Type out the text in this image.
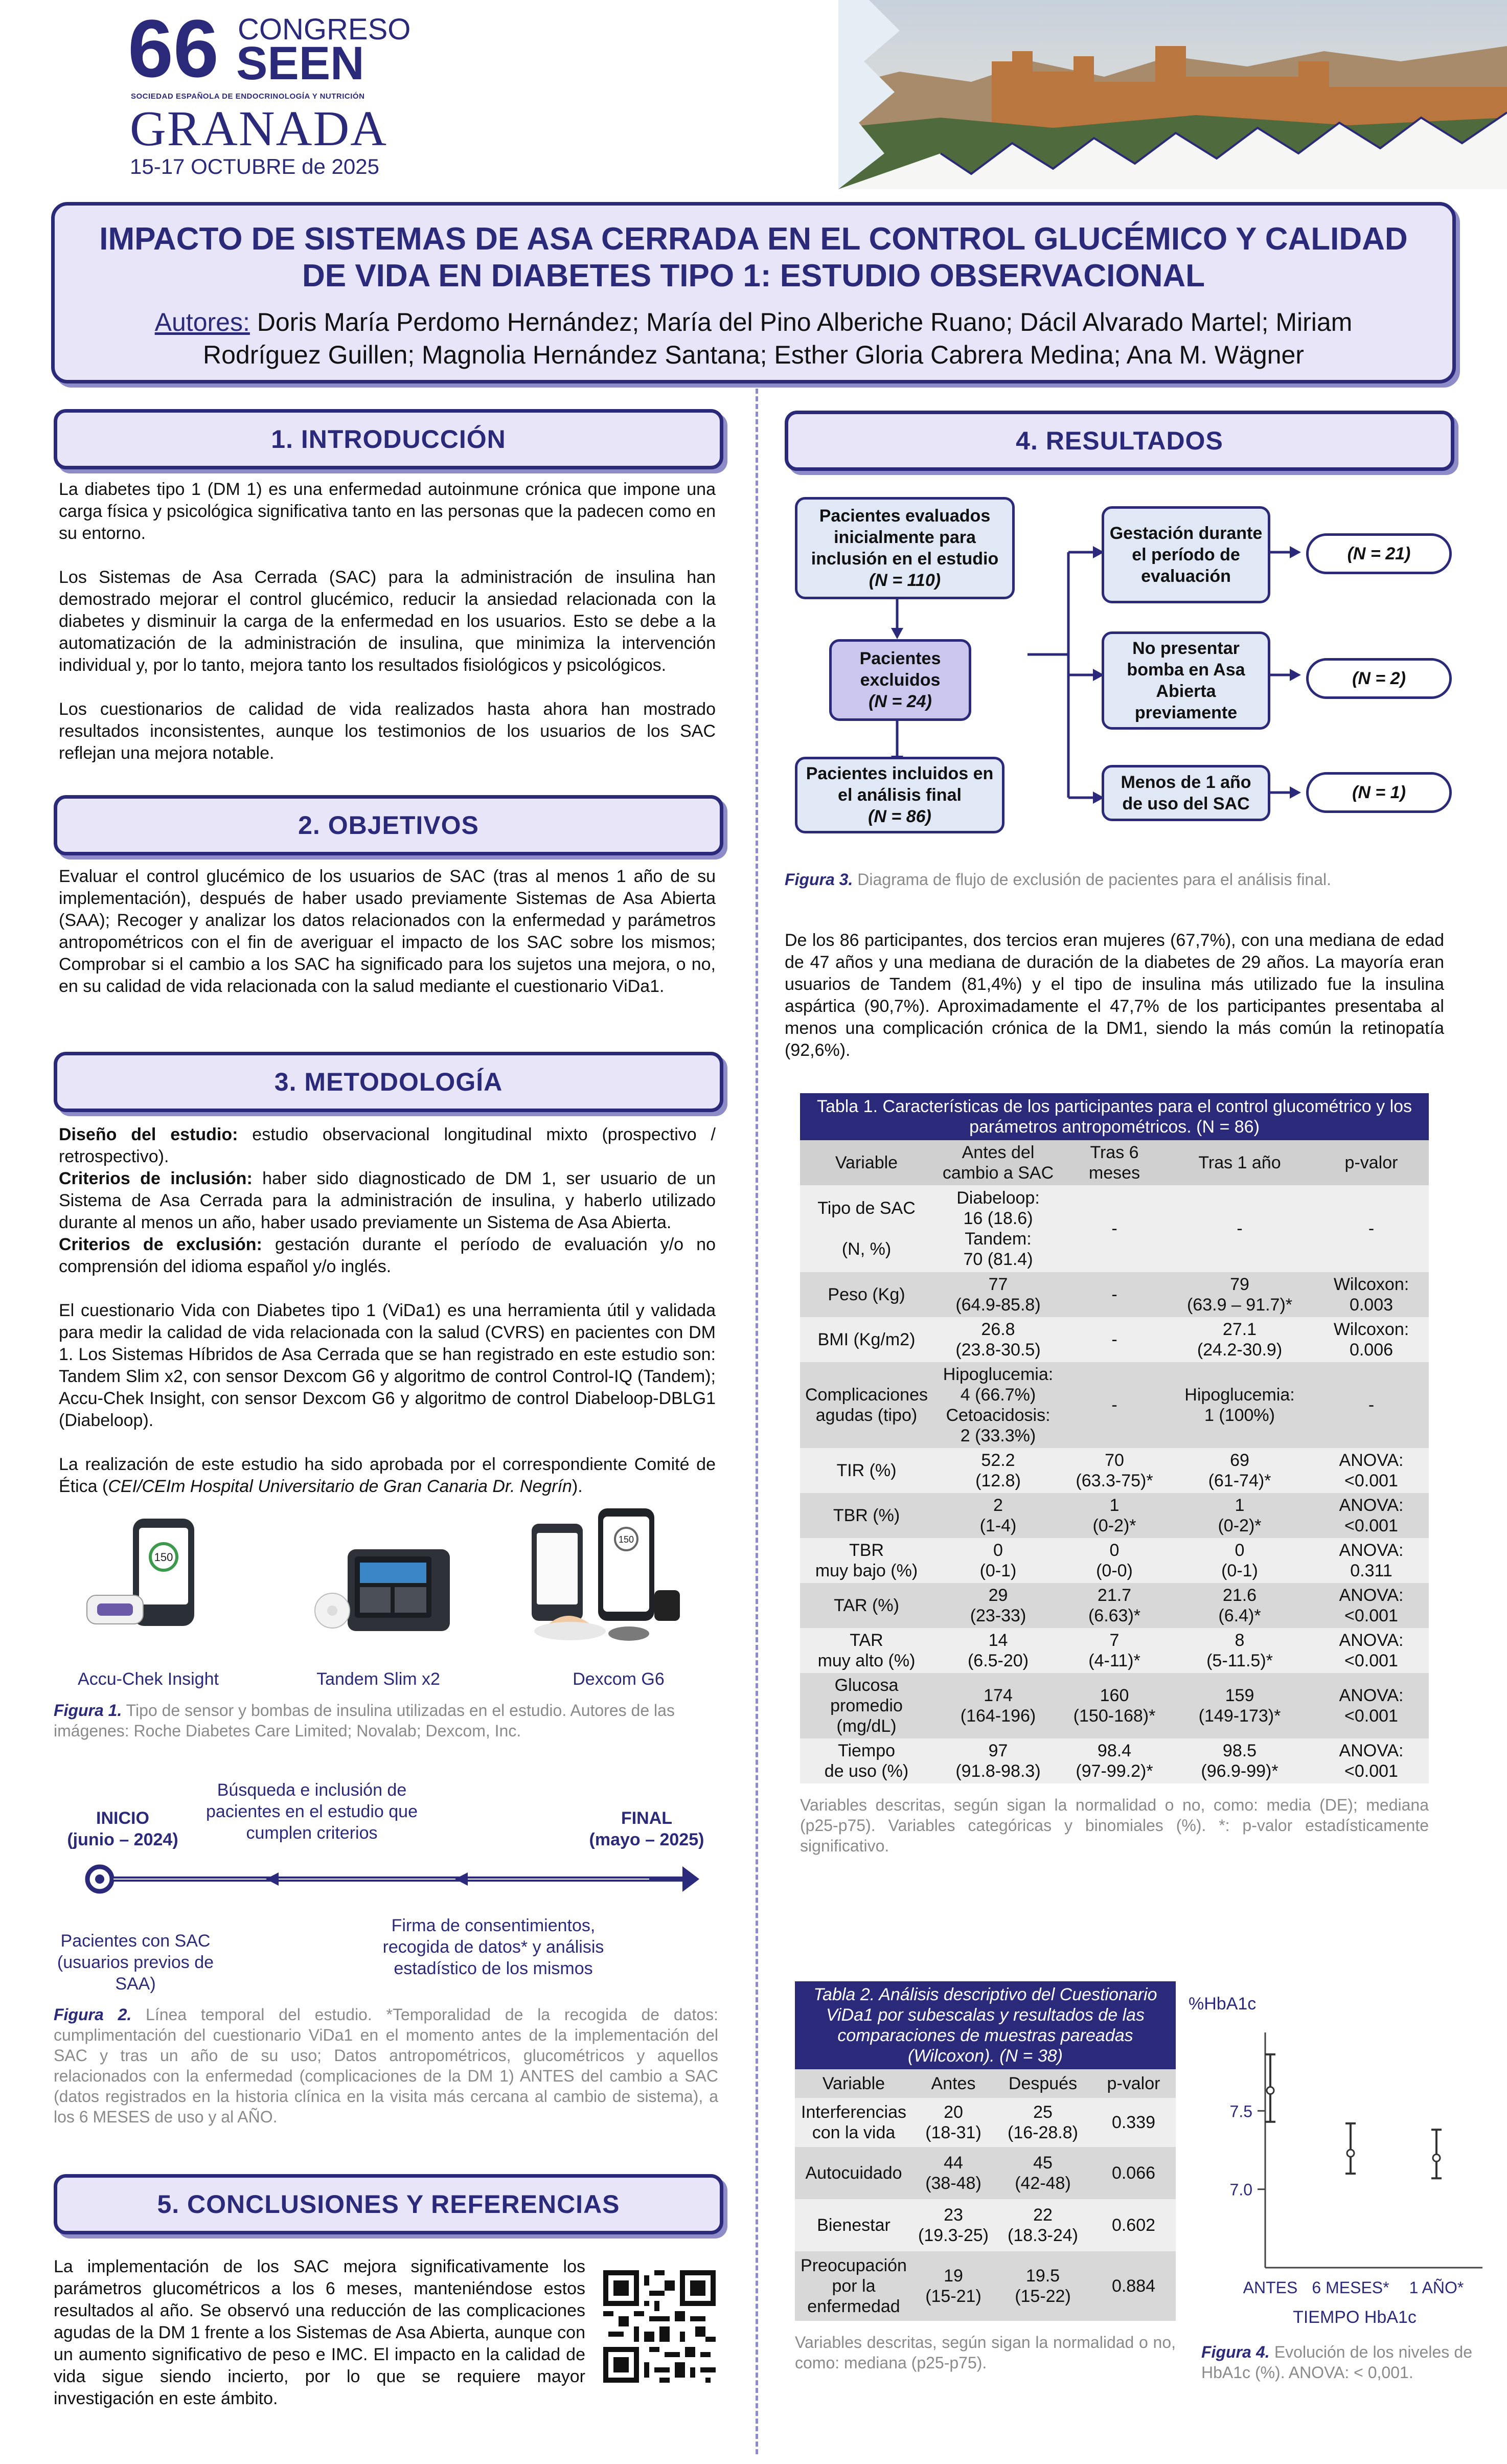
66 CONGRESO
SEEN
SOCIEDAD ESPAÑOLA DE ENDOCRINOLOGÍA Y NUTRICIÓN
GRANADA
15-17 OCTUBRE de 2025
IMPACTO DE SISTEMAS DE ASA CERRADA EN EL CONTROL GLUCÉMICO Y CALIDAD
DE VIDA EN DIABETES TIPO 1: ESTUDIO OBSERVACIONAL
Autores: Doris María Perdomo Hernández; María del Pino Alberiche Ruano; Dácil Alvarado Martel; Miriam
Rodríguez Guillen; Magnolia Hernández Santana; Esther Gloria Cabrera Medina; Ana M. Wägner
1. INTRODUCCIÓN
La diabetes tipo 1 (DM 1) es una enfermedad autoinmune crónica que impone una carga física y psicológica significativa tanto en las personas que la padecen como en su entorno.
Los Sistemas de Asa Cerrada (SAC) para la administración de insulina han demostrado mejorar el control glucémico, reducir la ansiedad relacionada con la diabetes y disminuir la carga de la enfermedad en los usuarios. Esto se debe a la automatización de la administración de insulina, que minimiza la intervención individual y, por lo tanto, mejora tanto los resultados fisiológicos y psicológicos.
Los cuestionarios de calidad de vida realizados hasta ahora han mostrado resultados inconsistentes, aunque los testimonios de los usuarios de los SAC reflejan una mejora notable.
2. OBJETIVOS
Evaluar el control glucémico de los usuarios de SAC (tras al menos 1 año de su implementación), después de haber usado previamente Sistemas de Asa Abierta (SAA); Recoger y analizar los datos relacionados con la enfermedad y parámetros antropométricos con el fin de averiguar el impacto de los SAC sobre los mismos; Comprobar si el cambio a los SAC ha significado para los sujetos una mejora, o no, en su calidad de vida relacionada con la salud mediante el cuestionario ViDa1.
3. METODOLOGÍA
Diseño del estudio: estudio observacional longitudinal mixto (prospectivo / retrospectivo).
Criterios de inclusión: haber sido diagnosticado de DM 1, ser usuario de un Sistema de Asa Cerrada para la administración de insulina, y haberlo utilizado durante al menos un año, haber usado previamente un Sistema de Asa Abierta.
Criterios de exclusión: gestación durante el período de evaluación y/o no comprensión del idioma español y/o inglés.
El cuestionario Vida con Diabetes tipo 1 (ViDa1) es una herramienta útil y validada para medir la calidad de vida relacionada con la salud (CVRS) en pacientes con DM 1. Los Sistemas Híbridos de Asa Cerrada que se han registrado en este estudio son: Tandem Slim x2, con sensor Dexcom G6 y algoritmo de control Control-IQ (Tandem); Accu-Chek Insight, con sensor Dexcom G6 y algoritmo de control Diabeloop-DBLG1 (Diabeloop).
La realización de este estudio ha sido aprobada por el correspondiente Comité de Ética (CEI/CEIm Hospital Universitario de Gran Canaria Dr. Negrín).
150
Accu-Chek Insight	Tandem Slim x2
150
Dexcom G6
Figura 1. Tipo de sensor y bombas de insulina utilizadas en el estudio. Autores de las imágenes: Roche Diabetes Care Limited; Novalab; Dexcom, Inc.
INICIO
(junio – 2024)
Búsqueda e inclusión de pacientes en el estudio que cumplen criterios
FINAL
(mayo – 2025)
Pacientes con SAC (usuarios previos de SAA)
Firma de consentimientos, recogida de datos* y análisis estadístico de los mismos
Figura 2. Línea temporal del estudio. *Temporalidad de la recogida de datos: cumplimentación del cuestionario ViDa1 en el momento antes de la implementación del SAC y tras un año de su uso; Datos antropométricos, glucométricos y aquellos relacionados con la enfermedad (complicaciones de la DM 1) ANTES del cambio a SAC (datos registrados en la historia clínica en la visita más cercana al cambio de sistema), a los 6 MESES de uso y al AÑO.
5. CONCLUSIONES Y REFERENCIAS
La implementación de los SAC mejora significativamente los parámetros glucométricos a los 6 meses, manteniéndose estos resultados al año. Se observó una reducción de las complicaciones agudas de la DM 1 frente a los Sistemas de Asa Abierta, aunque con un aumento significativo de peso e IMC. El impacto en la calidad de vida sigue siendo incierto, por lo que se requiere mayor investigación en este ámbito.
4. RESULTADOS
Pacientes evaluados inicialmente para inclusión en el estudio
(N = 110)
Pacientes excluidos
(N = 24)
Pacientes incluidos en el análisis final
(N = 86)
Gestación durante el período de evaluación
No presentar bomba en Asa Abierta previamente
Menos de 1 año de uso del SAC
(N = 21)
(N = 2)
(N = 1)
Figura 3. Diagrama de flujo de exclusión de pacientes para el análisis final.
De los 86 participantes, dos tercios eran mujeres (67,7%), con una mediana de edad de 47 años y una mediana de duración de la diabetes de 29 años. La mayoría eran usuarios de Tandem (81,4%) y el tipo de insulina más utilizado fue la insulina aspártica (90,7%). Aproximadamente el 47,7% de los participantes presentaba al menos una complicación crónica de la DM1, siendo la más común la retinopatía (92,6%).
Tabla 1. Características de los participantes para el control glucométrico y los parámetros antropométricos. (N = 86)
Variable	Antes del cambio a SAC	Tras 6 meses	Tras 1 año	p-valor
Tipo de SAC

(N, %)	Diabeloop:
16 (18.6)
Tandem:
70 (81.4)	-	-	-
Peso (Kg)	77
(64.9-85.8)	-	79
(63.9 – 91.7)*	Wilcoxon:
0.003
BMI (Kg/m2)	26.8
(23.8-30.5)	-	27.1
(24.2-30.9)	Wilcoxon:
0.006
Complicaciones
agudas (tipo)	Hipoglucemia:
4 (66.7%)
Cetoacidosis:
2 (33.3%)	-	Hipoglucemia:
1 (100%)	-
TIR (%)	52.2
(12.8)	70
(63.3-75)*	69
(61-74)*	ANOVA:
<0.001
TBR (%)	2
(1-4)	1
(0-2)*	1
(0-2)*	ANOVA:
<0.001
TBR
muy bajo (%)	0
(0-1)	0
(0-0)	0
(0-1)	ANOVA:
0.311
TAR (%)	29
(23-33)	21.7
(6.63)*	21.6
(6.4)*	ANOVA:
<0.001
TAR
muy alto (%)	14
(6.5-20)	7
(4-11)*	8
(5-11.5)*	ANOVA:
<0.001
Glucosa
promedio
(mg/dL)	174
(164-196)	160
(150-168)*	159
(149-173)*	ANOVA:
<0.001
Tiempo
de uso (%)	97
(91.8-98.3)	98.4
(97-99.2)*	98.5
(96.9-99)*	ANOVA:
<0.001
Variables descritas, según sigan la normalidad o no, como: media (DE); mediana (p25-p75). Variables categóricas y binomiales (%). *: p-valor estadísticamente significativo.
Tabla 2. Análisis descriptivo del Cuestionario ViDa1 por subescalas y resultados de las comparaciones de muestras pareadas (Wilcoxon). (N = 38)
Variable	Antes	Después	p-valor
Interferencias
con la vida	20
(18-31)	25
(16-28.8)	0.339
Autocuidado	44
(38-48)	45
(42-48)	0.066
Bienestar	23
(19.3-25)	22
(18.3-24)	0.602
Preocupación
por la
enfermedad	19
(15-21)	19.5
(15-22)	0.884
Variables descritas, según sigan la normalidad o no, como: mediana (p25-p75).
%HbA1c
TIEMPO HbA1c
7.5
7.0
ANTES 6 MESES* 1 AÑO*
Figura 4. Evolución de los niveles de HbA1c (%). ANOVA: < 0,001.
